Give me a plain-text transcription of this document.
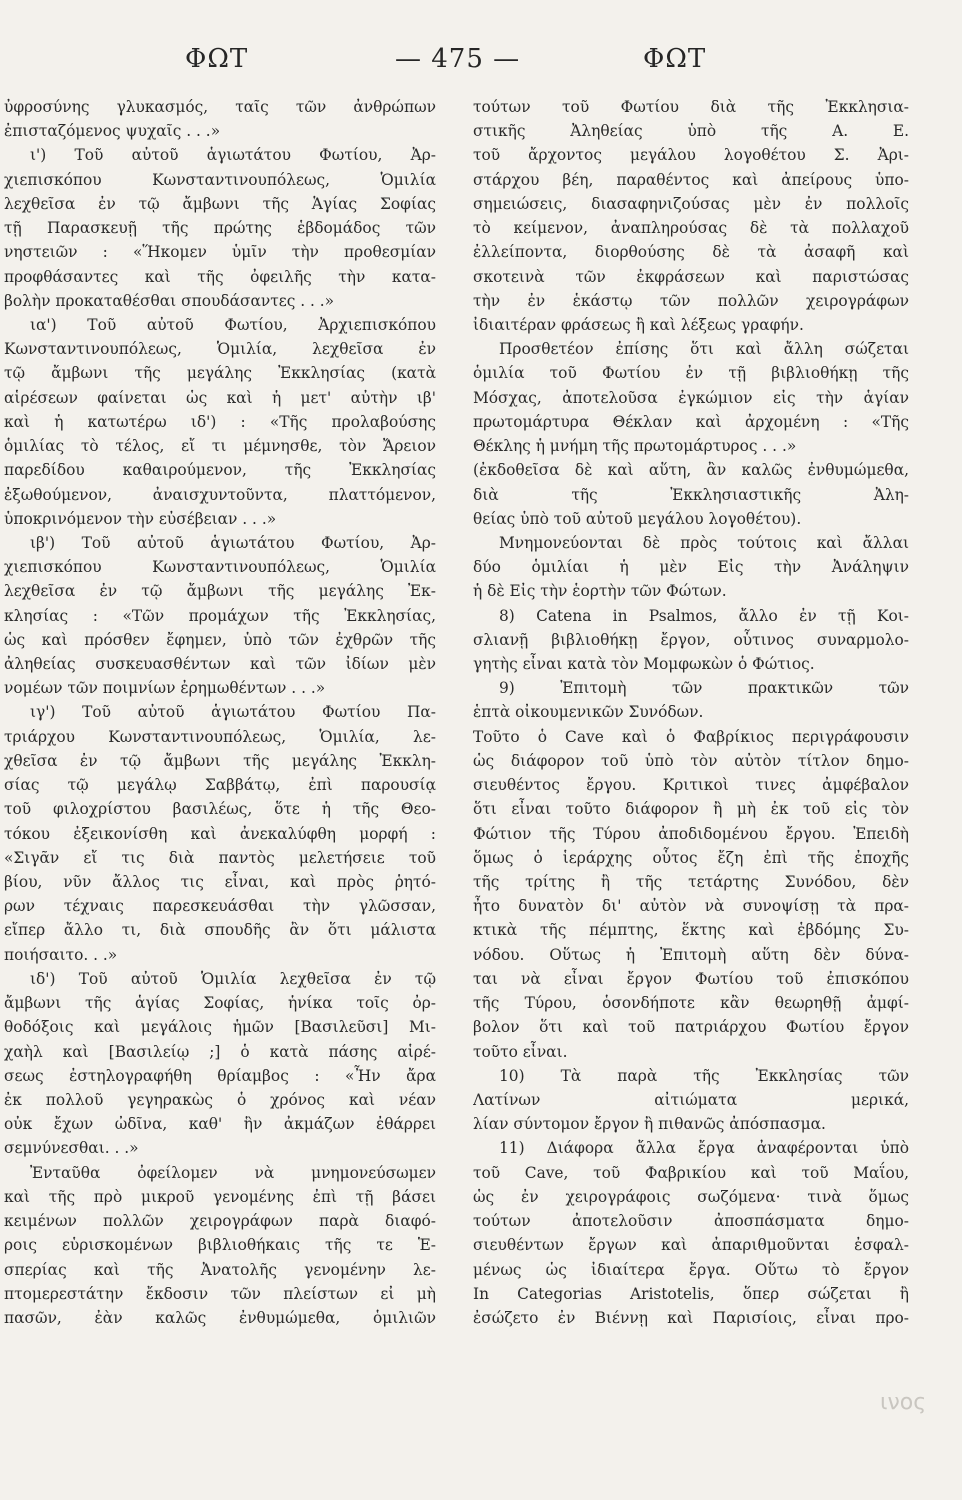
ΦΩΤ	— 475 —	ΦΩΤ
ὐφροσύνης γλυκασμός, ταῖς τῶν ἀνθρώπων
ἐπισταζόμενος ψυχαῖς . . .»
ι') Τοῦ αὐτοῦ ἁγιωτάτου Φωτίου, Ἀρ-
χιεπισκόπου Κωνσταντινουπόλεως, Ὁμιλία
λεχθεῖσα ἐν τῷ ἄμβωνι τῆς Ἁγίας Σοφίας
τῇ Παρασκευῇ τῆς πρώτης ἑβδομάδος τῶν
νηστειῶν : «Ἥκομεν ὑμῖν τὴν προθεσμίαν
προφθάσαντες καὶ τῆς ὀφειλῆς τὴν κατα-
βολὴν προκαταθέσθαι σπουδάσαντες . . .»
ια') Τοῦ αὐτοῦ Φωτίου, Ἀρχιεπισκόπου
Κωνσταντινουπόλεως, Ὁμιλία, λεχθεῖσα ἐν
τῷ ἄμβωνι τῆς μεγάλης Ἐκκλησίας (κατὰ
αἱρέσεων φαίνεται ὡς καὶ ἡ μετ' αὐτὴν ιβ'
καὶ ἡ κατωτέρω ιδ') : «Τῆς προλαβούσης
ὁμιλίας τὸ τέλος, εἴ τι μέμνησθε, τὸν Ἄρειον
παρεδίδου καθαιρούμενον, τῆς Ἐκκλησίας
ἐξωθούμενον, ἀναισχυντοῦντα, πλαττόμενον,
ὑποκρινόμενον τὴν εὐσέβειαν . . .»
ιβ') Τοῦ αὐτοῦ ἁγιωτάτου Φωτίου, Ἀρ-
χιεπισκόπου Κωνσταντινουπόλεως, Ὁμιλία
λεχθεῖσα ἐν τῷ ἄμβωνι τῆς μεγάλης Ἐκ-
κλησίας : «Τῶν προμάχων τῆς Ἐκκλησίας,
ὡς καὶ πρόσθεν ἔφημεν, ὑπὸ τῶν ἐχθρῶν τῆς
ἀληθείας συσκευασθέντων καὶ τῶν ἰδίων μὲν
νομέων τῶν ποιμνίων ἐρημωθέντων . . .»
ιγ') Τοῦ αὐτοῦ ἁγιωτάτου Φωτίου Πα-
τριάρχου Κωνσταντινουπόλεως, Ὁμιλία, λε-
χθεῖσα ἐν τῷ ἄμβωνι τῆς μεγάλης Ἐκκλη-
σίας τῷ μεγάλῳ Σαββάτῳ, ἐπὶ παρουσίᾳ
τοῦ φιλοχρίστου βασιλέως, ὅτε ἡ τῆς Θεο-
τόκου ἐξεικονίσθη καὶ ἀνεκαλύφθη μορφή :
«Σιγᾶν εἴ τις διὰ παντὸς μελετήσειε τοῦ
βίου, νῦν ἄλλος τις εἶναι, καὶ πρὸς ῥητό-
ρων τέχναις παρεσκευάσθαι τὴν γλῶσσαν,
εἴπερ ἄλλο τι, διὰ σπουδῆς ἂν ὅτι μάλιστα
ποιήσαιτο. . .»
ιδ') Τοῦ αὐτοῦ Ὁμιλία λεχθεῖσα ἐν τῷ
ἄμβωνι τῆς ἁγίας Σοφίας, ἡνίκα τοῖς ὀρ-
θοδόξοις καὶ μεγάλοις ἡμῶν [Βασιλεῦσι] Μι-
χαὴλ καὶ [Βασιλείῳ ;] ὁ κατὰ πάσης αἱρέ-
σεως ἐστηλογραφήθη θρίαμβος : «Ἦν ἄρα
ἐκ πολλοῦ γεγηρακὼς ὁ χρόνος καὶ νέαν
οὐκ ἔχων ὠδῖνα, καθ' ἣν ἀκμάζων ἐθάρρει
σεμνύνεσθαι. . .»
Ἐνταῦθα ὀφείλομεν νὰ μνημονεύσωμεν
καὶ τῆς πρὸ μικροῦ γενομένης ἐπὶ τῇ βάσει
κειμένων πολλῶν χειρογράφων παρὰ διαφό-
ροις εὑρισκομένων βιβλιοθήκαις τῆς τε Ἑ-
σπερίας καὶ τῆς Ἀνατολῆς γενομένην λε-
πτομερεστάτην ἔκδοσιν τῶν πλείστων εἰ μὴ
πασῶν, ἐὰν καλῶς ἐνθυμώμεθα, ὁμιλιῶν
τούτων τοῦ Φωτίου διὰ τῆς Ἐκκλησια-
στικῆς Ἀληθείας ὑπὸ τῆς Α. Ε.
τοῦ ἄρχοντος μεγάλου λογοθέτου Σ. Ἀρι-
στάρχου βέη, παραθέντος καὶ ἀπείρους ὑπο-
σημειώσεις, διασαφηνιζούσας μὲν ἐν πολλοῖς
τὸ κείμενον, ἀναπληρούσας δὲ τὰ πολλαχοῦ
ἐλλείποντα, διορθούσης δὲ τὰ ἀσαφῆ καὶ
σκοτεινὰ τῶν ἐκφράσεων καὶ παριστώσας
τὴν ἐν ἑκάστῳ τῶν πολλῶν χειρογράφων
ἰδιαιτέραν φράσεως ἢ καὶ λέξεως γραφήν.
Προσθετέον ἐπίσης ὅτι καὶ ἄλλη σώζεται
ὁμιλία τοῦ Φωτίου ἐν τῇ βιβλιοθήκῃ τῆς
Μόσχας, ἀποτελοῦσα ἐγκώμιον εἰς τὴν ἁγίαν
πρωτομάρτυρα Θέκλαν καὶ ἀρχομένη : «Τῆς
Θέκλης ἡ μνήμη τῆς πρωτομάρτυρος . . .»
(ἐκδοθεῖσα δὲ καὶ αὕτη, ἂν καλῶς ἐνθυμώμεθα,
διὰ τῆς Ἐκκλησιαστικῆς Ἀλη-
θείας ὑπὸ τοῦ αὐτοῦ μεγάλου λογοθέτου).
Μνημονεύονται δὲ πρὸς τούτοις καὶ ἄλλαι
δύο ὁμιλίαι ἡ μὲν Εἰς τὴν Ἀνάληψιν
ἡ δὲ Εἰς τὴν ἑορτὴν τῶν Φώτων.
8) Catena in Psalmos, ἄλλο ἐν τῇ Κοι-
σλιανῇ βιβλιοθήκῃ ἔργον, οὗτινος συναρμολο-
γητὴς εἶναι κατὰ τὸν Μομφωκὼν ὁ Φώτιος.
9) Ἐπιτομὴ τῶν πρακτικῶν τῶν
ἑπτὰ οἰκουμενικῶν Συνόδων.
Τοῦτο ὁ Cave καὶ ὁ Φαβρίκιος περιγράφουσιν
ὡς διάφορον τοῦ ὑπὸ τὸν αὐτὸν τίτλον δημο-
σιευθέντος ἔργου. Κριτικοὶ τινες ἀμφέβαλον
ὅτι εἶναι τοῦτο διάφορον ἢ μὴ ἐκ τοῦ εἰς τὸν
Φώτιον τῆς Τύρου ἀποδιδομένου ἔργου. Ἐπειδὴ
ὅμως ὁ ἱεράρχης οὗτος ἔζη ἐπὶ τῆς ἐποχῆς
τῆς τρίτης ἢ τῆς τετάρτης Συνόδου, δὲν
ἦτο δυνατὸν δι' αὐτὸν νὰ συνοψίσῃ τὰ πρα-
κτικὰ τῆς πέμπτης, ἕκτης καὶ ἑβδόμης Συ-
νόδου. Οὕτως ἡ Ἐπιτομὴ αὕτη δὲν δύνα-
ται νὰ εἶναι ἔργον Φωτίου τοῦ ἐπισκόπου
τῆς Τύρου, ὁσονδήποτε κἂν θεωρηθῇ ἀμφί-
βολον ὅτι καὶ τοῦ πατριάρχου Φωτίου ἔργον
τοῦτο εἶναι.
10) Τὰ παρὰ τῆς Ἐκκλησίας τῶν
Λατίνων αἰτιώματα μερικά,
λίαν σύντομον ἔργον ἢ πιθανῶς ἀπόσπασμα.
11) Διάφορα ἄλλα ἔργα ἀναφέρονται ὑπὸ
τοῦ Cave, τοῦ Φαβρικίου καὶ τοῦ Μαΐου,
ὡς ἐν χειρογράφοις σωζόμενα· τινὰ ὅμως
τούτων ἀποτελοῦσιν ἀποσπάσματα δημο-
σιευθέντων ἔργων καὶ ἀπαριθμοῦνται ἐσφαλ-
μένως ὡς ἰδιαίτερα ἔργα. Οὕτω τὸ ἔργον
In Categorias Aristotelis, ὅπερ σώζεται ἢ
ἐσώζετο ἐν Βιέννῃ καὶ Παρισίοις, εἶναι προ-
ινος
